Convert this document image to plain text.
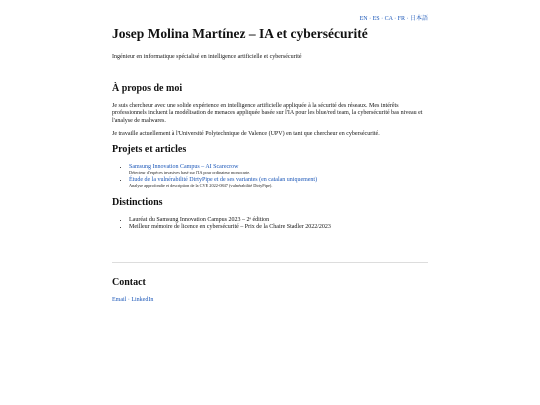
EN · ES · CA · FR · 日本語
Josep Molina Martínez – IA et cybersécurité
Ingénieur en informatique spécialisé en intelligence artificielle et cybersécurité
À propos de moi

Je suis chercheur avec une solide expérience en intelligence artificielle appliquée à la sécurité des réseaux. Mes intérêts professionnels incluent la modélisation de menaces appliquée basée sur l'IA pour les blue/red team, la cybersécurité bas niveau et l'analyse de malwares.

Je travaille actuellement à l'Université Polytechnique de Valence (UPV) en tant que chercheur en cybersécurité.

Projets et articles
• Samsung Innovation Campus – AI Scarecrow
Détecteur d'espèces invasives basé sur l'IA pour ordinateur monocarte.
• Étude de la vulnérabilité DirtyPipe et de ses variantes (en catalan uniquement)
Analyse approfondie et description de la CVE 2022-0847 (vulnérabilité DirtyPipe).
Distinctions
• Lauréat du Samsung Innovation Campus 2023 – 2ᵉ édition
• Meilleur mémoire de licence en cybersécurité – Prix de la Chaire Stadler 2022/2023
Contact
Email · LinkedIn
